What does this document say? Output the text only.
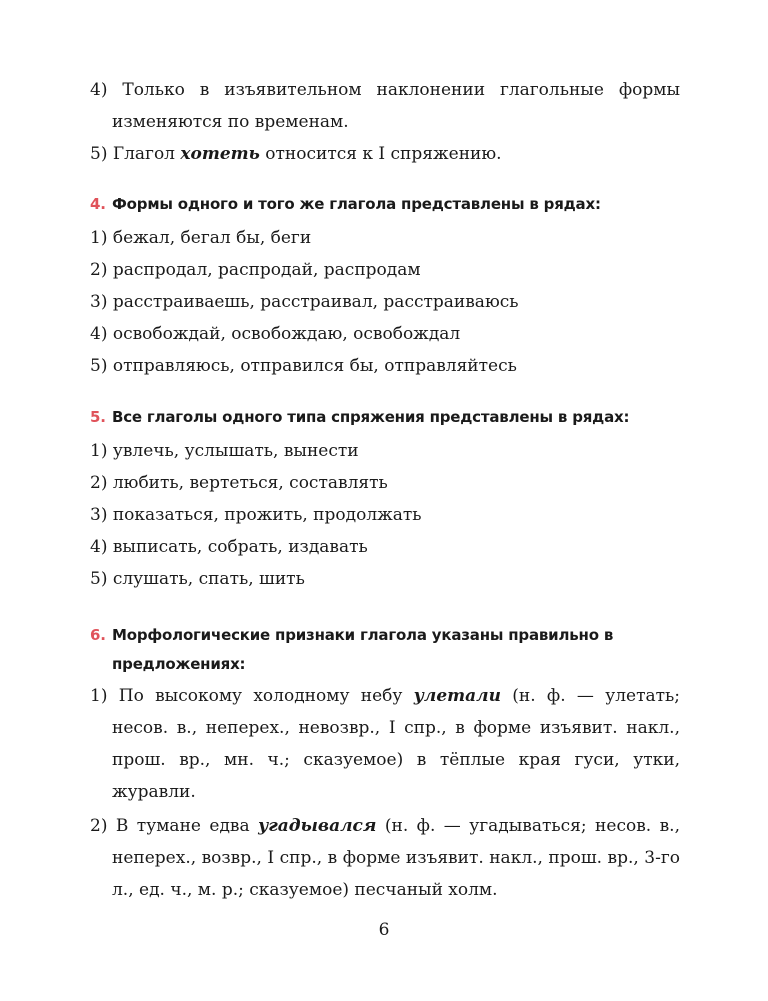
4) Только в изъявительном наклонении глагольные формы изменяются по временам.
5) Глагол хотеть относится к I спряжению.
4. Формы одного и того же глагола представлены в рядах:
1) бежал, бегал бы, беги
2) распродал, распродай, распродам
3) расстраиваешь, расстраивал, расстраиваюсь
4) освобождай, освобождаю, освобождал
5) отправляюсь, отправился бы, отправляйтесь
5. Все глаголы одного типа спряжения представлены в рядах:
1) увлечь, услышать, вынести
2) любить, вертеться, составлять
3) показаться, прожить, продолжать
4) выписать, собрать, издавать
5) слушать, спать, шить
6. Морфологические признаки глагола указаны правильно в предложениях:
1) По высокому холодному небу улетали (н. ф. — улетать; несов. в., неперех., невозвр., I спр., в форме изъявит. накл., прош. вр., мн. ч.; сказуемое) в тёплые края гуси, утки, журавли.
2) В тумане едва угадывался (н. ф. — угадываться; несов. в., неперех., возвр., I спр., в форме изъявит. накл., прош. вр., 3-го л., ед. ч., м. р.; сказуемое) песчаный холм.
6
